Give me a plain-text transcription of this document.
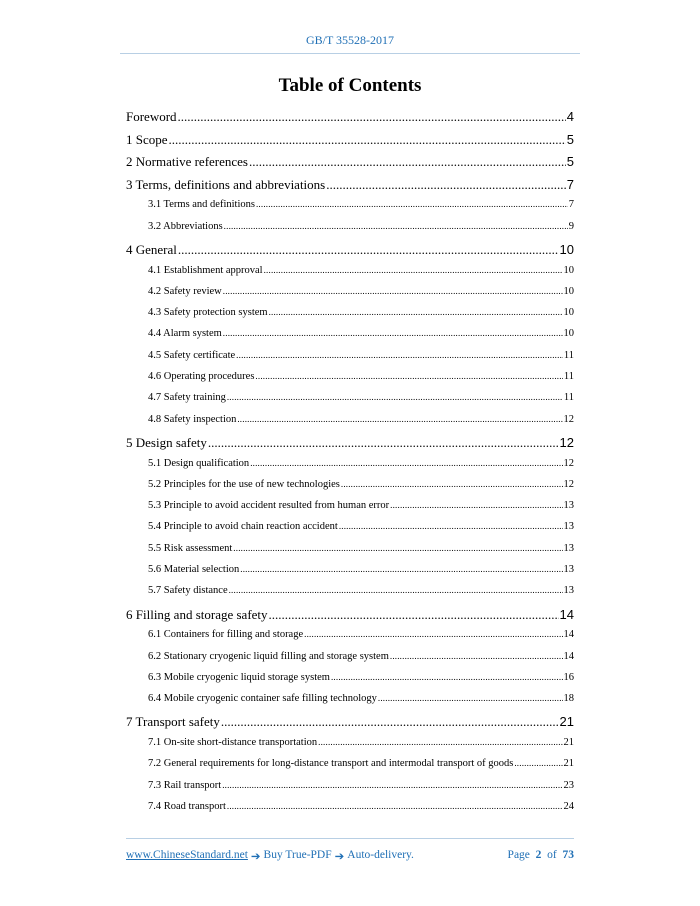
GB/T 35528-2017
Table of Contents
Foreword .....	4
1 Scope .....	5
2 Normative references .....	5
3 Terms, definitions and abbreviations .....	7
3.1 Terms and definitions .....	7
3.2 Abbreviations .....	9
4 General .....	10
4.1 Establishment approval .....	10
4.2 Safety review .....	10
4.3 Safety protection system .....	10
4.4 Alarm system .....	10
4.5 Safety certificate .....	11
4.6 Operating procedures .....	11
4.7 Safety training .....	11
4.8 Safety inspection .....	12
5 Design safety .....	12
5.1 Design qualification .....	12
5.2 Principles for the use of new technologies .....	12
5.3 Principle to avoid accident resulted from human error .....	13
5.4 Principle to avoid chain reaction accident .....	13
5.5 Risk assessment .....	13
5.6 Material selection .....	13
5.7 Safety distance .....	13
6 Filling and storage safety .....	14
6.1 Containers for filling and storage .....	14
6.2 Stationary cryogenic liquid filling and storage system .....	14
6.3 Mobile cryogenic liquid storage system .....	16
6.4 Mobile cryogenic container safe filling technology .....	18
7 Transport safety .....	21
7.1 On-site short-distance transportation .....	21
7.2 General requirements for long-distance transport and intermodal transport of goods .....	21
7.3 Rail transport .....	23
7.4 Road transport .....	24
www.ChineseStandard.net ➔ Buy True-PDF ➔ Auto-delivery.	Page 2 of 73
